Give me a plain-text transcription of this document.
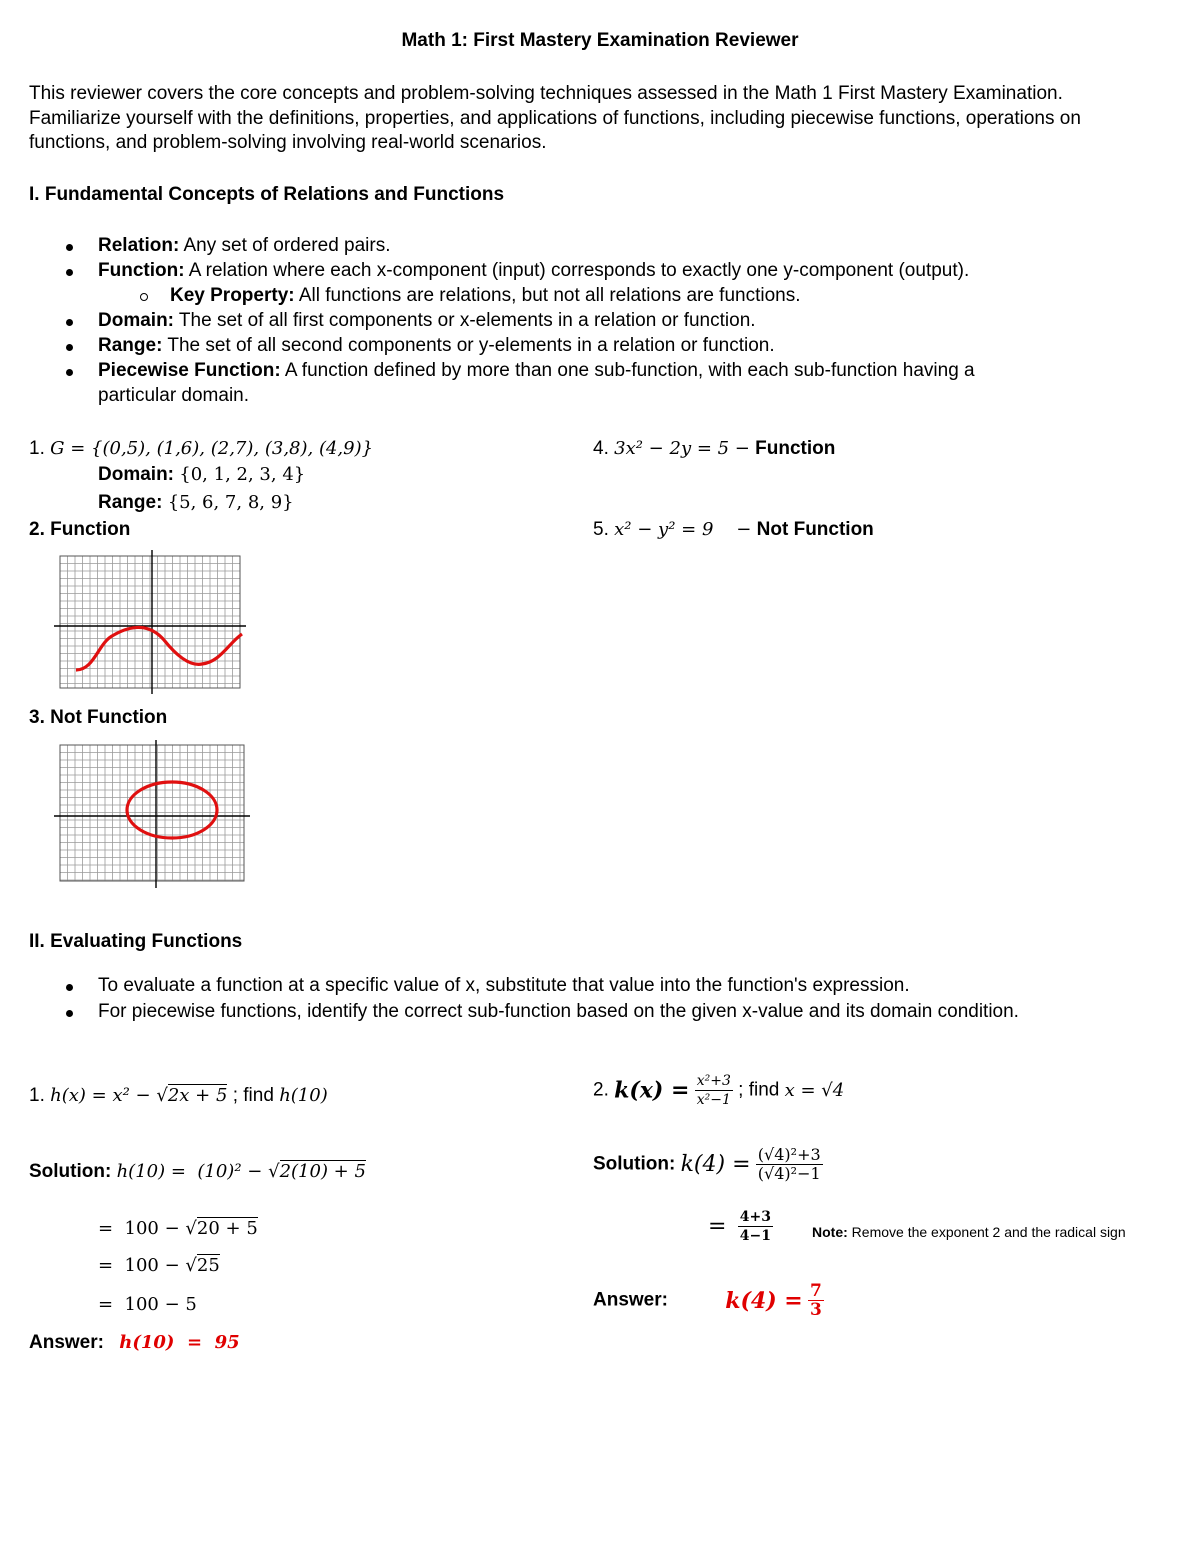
Math 1: First Mastery Examination Reviewer
This reviewer covers the core concepts and problem-solving techniques assessed in the Math 1 First Mastery Examination. Familiarize yourself with the definitions, properties, and applications of functions, including piecewise functions, operations on functions, and problem-solving involving real-world scenarios.
I. Fundamental Concepts of Relations and Functions
Relation: Any set of ordered pairs.
Function: A relation where each x-component (input) corresponds to exactly one y-component (output).
Key Property: All functions are relations, but not all relations are functions.
Domain: The set of all first components or x-elements in a relation or function.
Range: The set of all second components or y-elements in a relation or function.
Piecewise Function: A function defined by more than one sub-function, with each sub-function having a
particular domain.
1. G = {(0,5), (1,6), (2,7), (3,8), (4,9)}
Domain: {0, 1, 2, 3, 4}
Range: {5, 6, 7, 8, 9}
2. Function
3. Not Function
4. 3x² − 2y = 5 − Function
5. x² − y² = 9    − Not Function
II. Evaluating Functions
To evaluate a function at a specific value of x, substitute that value into the function's expression.
For piecewise functions, identify the correct sub-function based on the given x-value and its domain condition.
1. h(x) = x² − √2x + 5 ; find h(10)
Solution: h(10) =  (10)² − √2(10) + 5
=  100 − √20 + 5
=  100 − √25
=  100 − 5
Answer: h(10)  =  95
2. $k(x) = \frac{\text{x²+3}}{\text{x²−1}}$ ; find x = √4
Solution: $k(4) = \frac{\text{(√4)²+3}}{\text{(√4)²−1}}$
= $\frac{4+3}{4-1}$	Note: Remove the exponent 2 and the radical sign
Answer:	$k(4) = \frac{7}{3}$
